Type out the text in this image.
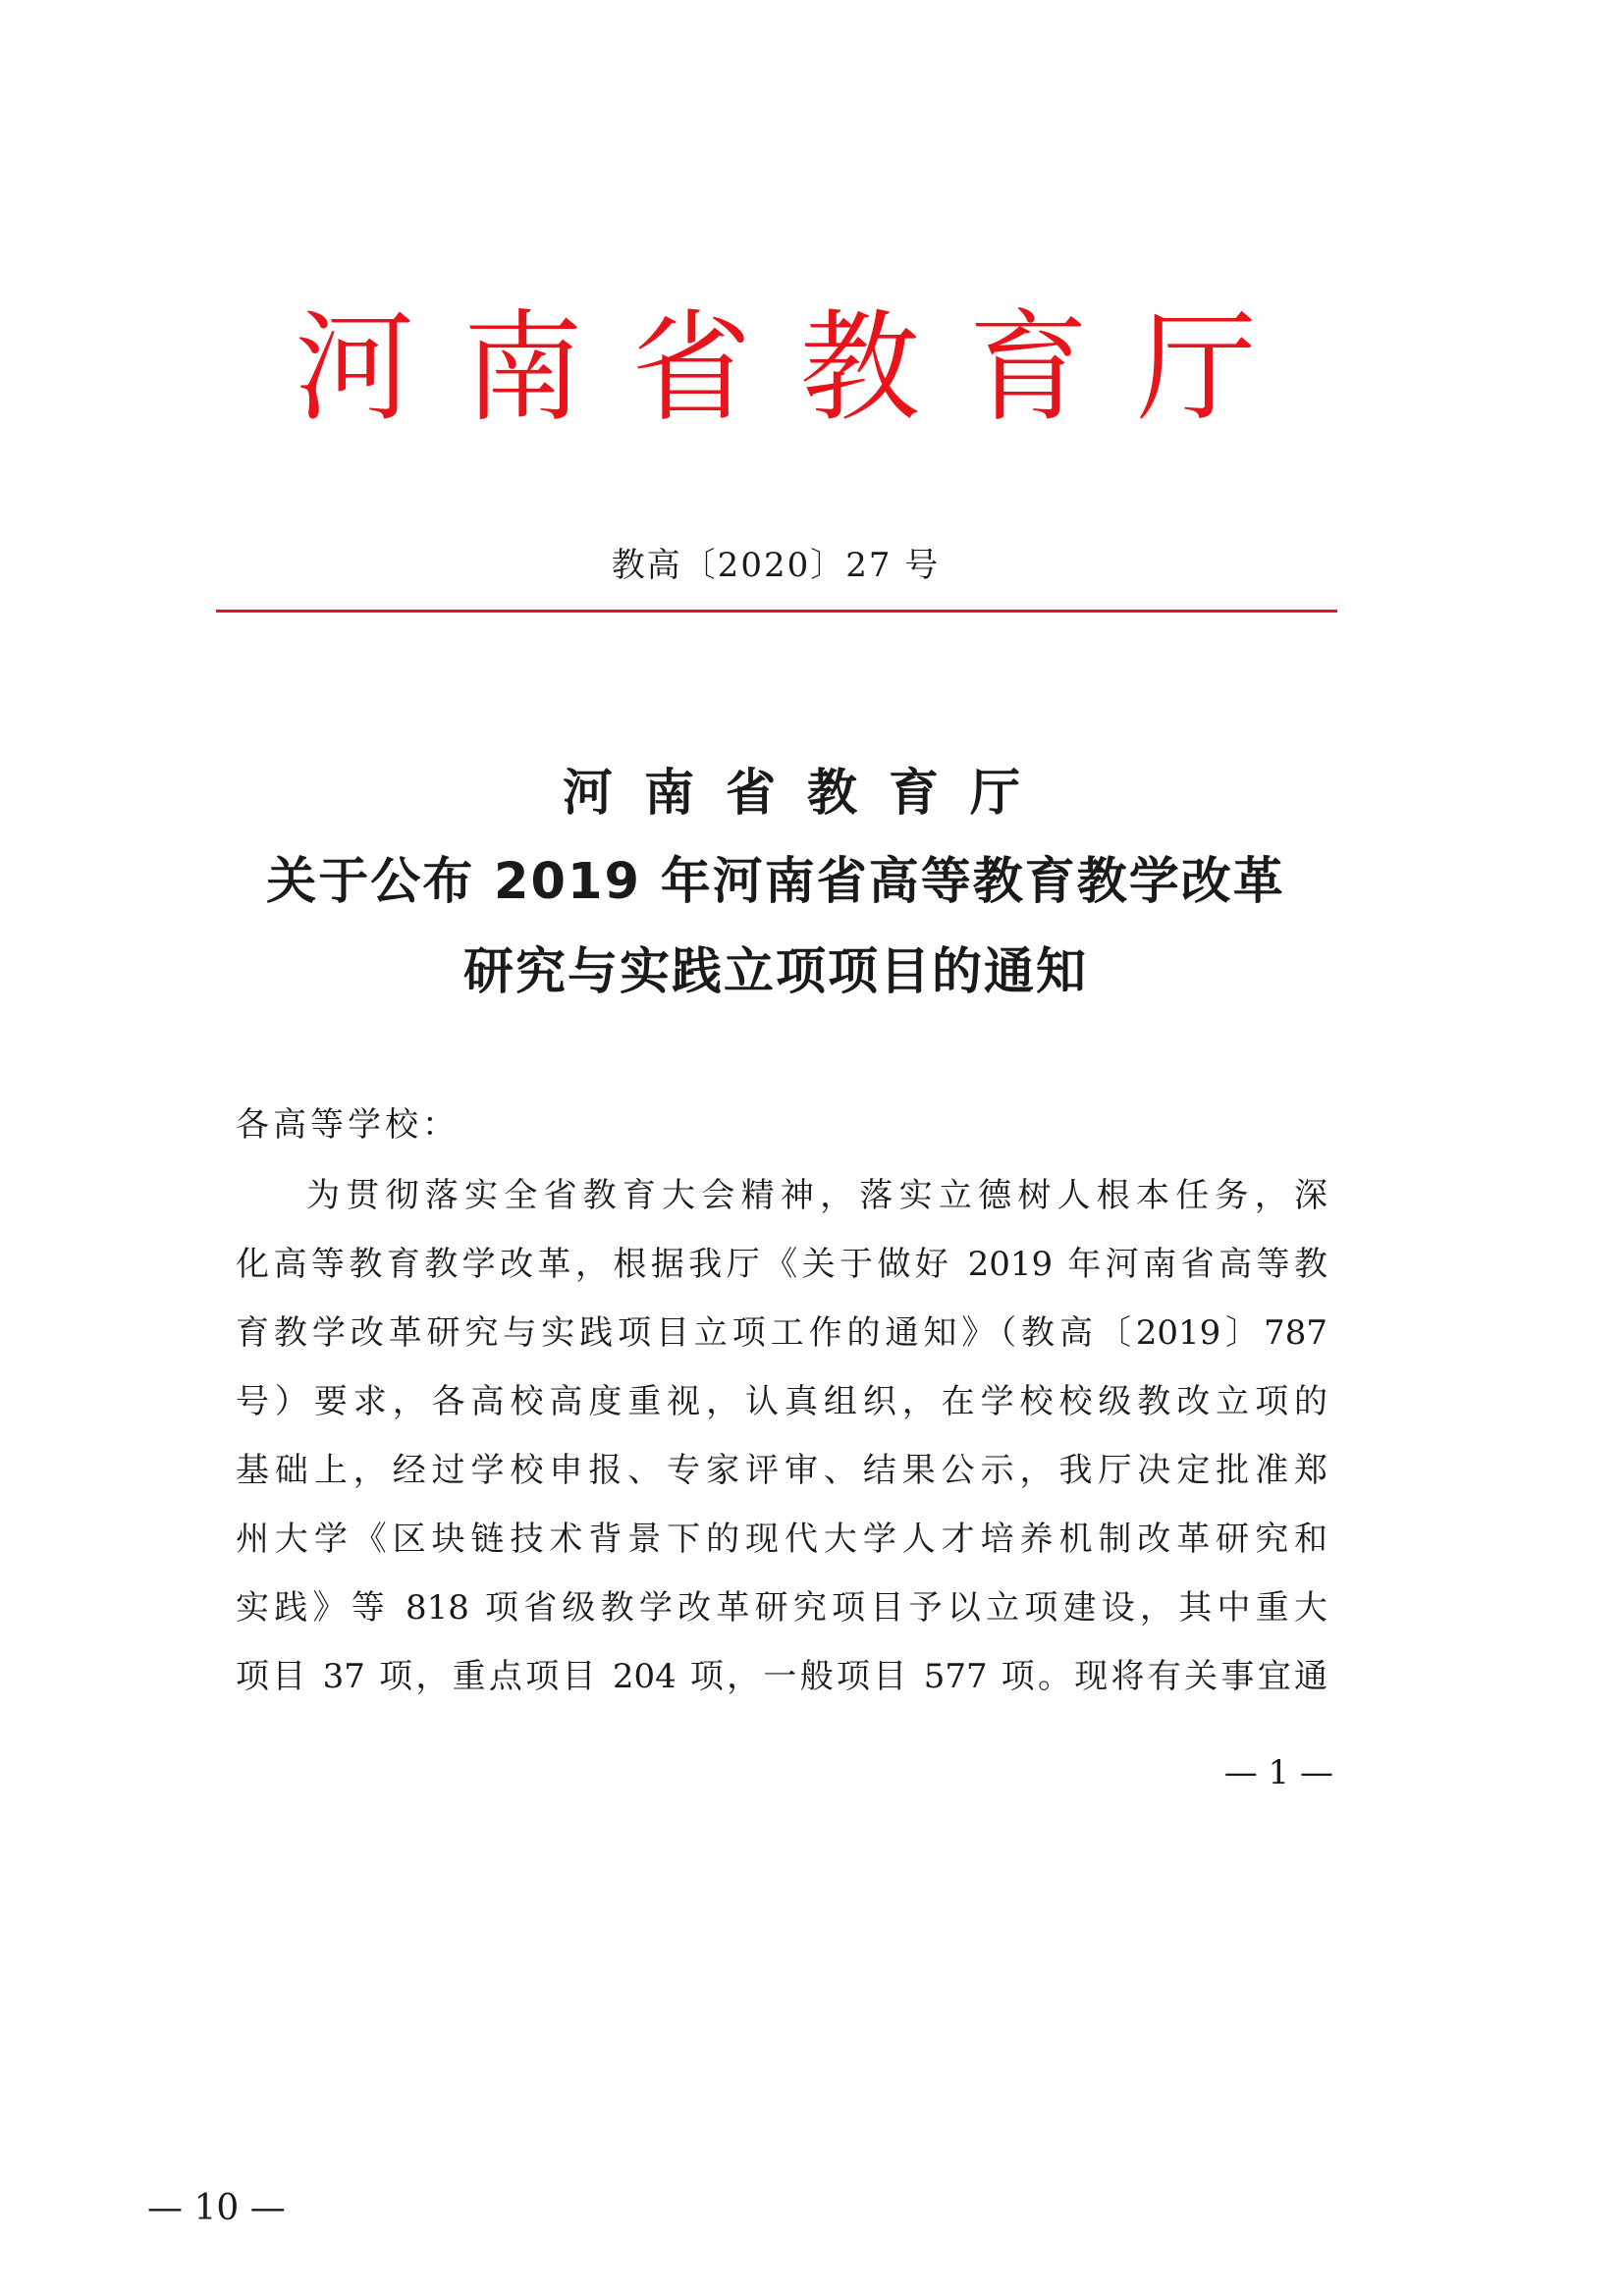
河 南 省 教 育 厅
教高〔2020〕27 号
河南省教育厅
关于公布 2019 年河南省高等教育教学改革
研究与实践立项项目的通知
各高等学校：
为贯彻落实全省教育大会精神，落实立德树人根本任务，深
化高等教育教学改革，根据我厅《关于做好 2019 年河南省高等教
育教学改革研究与实践项目立项工作的通知》（教高〔2019〕787
号）要求，各高校高度重视，认真组织，在学校校级教改立项的
基础上，经过学校申报、专家评审、结果公示，我厅决定批准郑
州大学《区块链技术背景下的现代大学人才培养机制改革研究和
实践》等 818 项省级教学改革研究项目予以立项建设，其中重大
项目 37 项，重点项目 204 项，一般项目 577 项。现将有关事宜通
— 1 —
— 10 —
